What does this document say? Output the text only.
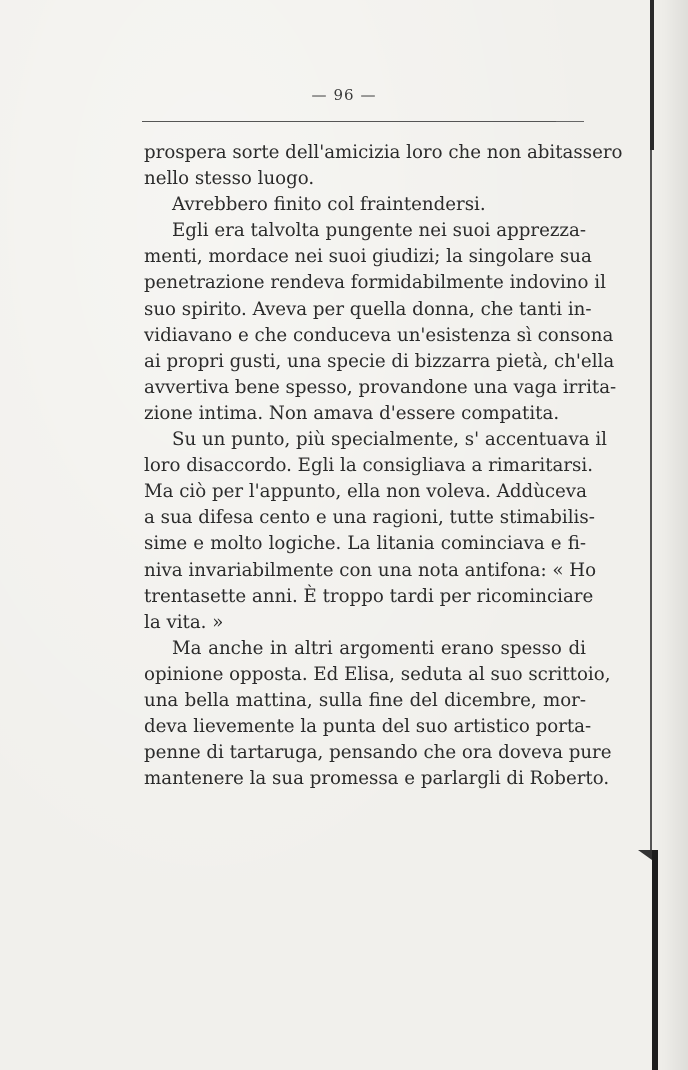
— 96 —
prospera sorte dell'amicizia loro che non abitassero
nello stesso luogo.
Avrebbero finito col fraintendersi.
Egli era talvolta pungente nei suoi apprezza-
menti, mordace nei suoi giudizi; la singolare sua
penetrazione rendeva formidabilmente indovino il
suo spirito. Aveva per quella donna, che tanti in-
vidiavano e che conduceva un'esistenza sì consona
ai propri gusti, una specie di bizzarra pietà, ch'ella
avvertiva bene spesso, provandone una vaga irrita-
zione intima. Non amava d'essere compatita.
Su un punto, più specialmente, s' accentuava il
loro disaccordo. Egli la consigliava a rimaritarsi.
Ma ciò per l'appunto, ella non voleva. Addùceva
a sua difesa cento e una ragioni, tutte stimabilis-
sime e molto logiche. La litania cominciava e fi-
niva invariabilmente con una nota antifona: « Ho
trentasette anni. È troppo tardi per ricominciare
la vita. »
Ma anche in altri argomenti erano spesso di
opinione opposta. Ed Elisa, seduta al suo scrittoio,
una bella mattina, sulla fine del dicembre, mor-
deva lievemente la punta del suo artistico porta-
penne di tartaruga, pensando che ora doveva pure
mantenere la sua promessa e parlargli di Roberto.
